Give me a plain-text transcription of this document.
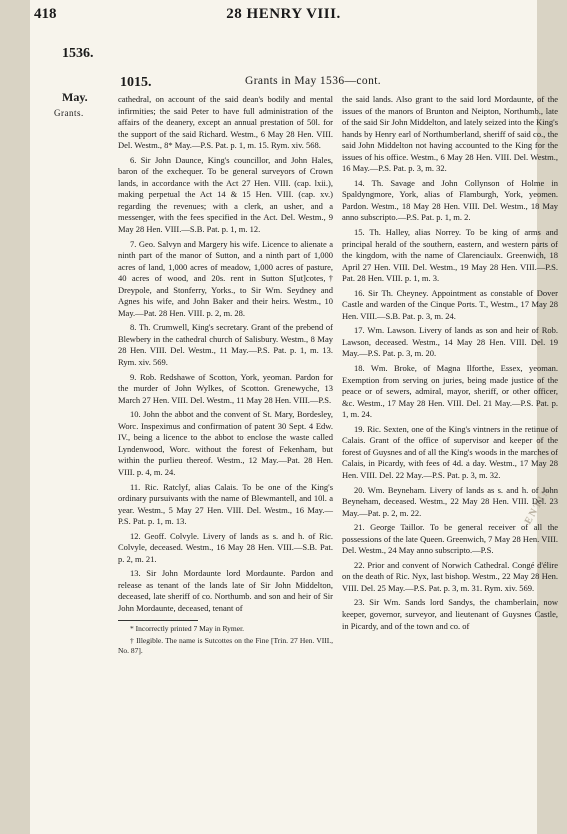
ENTIN
418	28 HENRY VIII.
1536.
1015.	Grants in May 1536—cont.
May.
Grants.

cathedral, on account of the said dean's bodily and mental infirmities; the said Peter to have full administration of the affairs of the deanery, except an annual prestation of 50l. for the support of the said Richard. Westm., 6 May 28 Hen. VIII. Del. Westm., 8* May.—P.S. Pat. p. 1, m. 15. Rym. xiv. 568.

6. Sir John Daunce, King's councillor, and John Hales, baron of the exchequer. To be general surveyors of Crown lands, in accordance with the Act 27 Hen. VIII. (cap. lxii.), making perpetual the Act 14 & 15 Hen. VIII. (cap. xv.) regarding the revenues; with a clerk, an usher, and a messenger, with the fees specified in the Act. Del. Westm., 9 May 28 Hen. VIII.—S.B. Pat. p. 1, m. 12.

7. Geo. Salvyn and Margery his wife. Licence to alienate a ninth part of the manor of Sutton, and a ninth part of 1,000 acres of land, 1,000 acres of meadow, 1,000 acres of pasture, 40 acres of wood, and 20s. rent in Sutton S[ut]cotes,† Dreypole, and Stonferry, Yorks., to Sir Wm. Seydney and Agnes his wife, and John Baker and their heirs. Westm., 10 May.—Pat. 28 Hen. VIII. p. 2, m. 28.

8. Th. Crumwell, King's secretary. Grant of the prebend of Blewbery in the cathedral church of Salisbury. Westm., 8 May 28 Hen. VIII. Del. Westm., 11 May.—P.S. Pat. p. 1, m. 13. Rym. xiv. 569.

9. Rob. Redshawe of Scotton, York, yeoman. Pardon for the murder of John Wylkes, of Scotton. Grenewyche, 13 March 27 Hen. VIII. Del. Westm., 11 May 28 Hen. VIII.—P.S.

10. John the abbot and the convent of St. Mary, Bordesley, Worc. Inspeximus and confirmation of patent 30 Sept. 4 Edw. IV., being a licence to the abbot to enclose the waste called Lyndenwood, Worc. without the forest of Fekenham, but within the purlieu thereof. Westm., 12 May.—Pat. 28 Hen. VIII. p. 4, m. 24.

11. Ric. Ratclyf, alias Calais. To be one of the King's ordinary pursuivants with the name of Blewmantell, and 10l. a year. Westm., 5 May 27 Hen. VIII. Del. Westm., 16 May.—P.S. Pat. p. 1, m. 13.

12. Geoff. Colvyle. Livery of lands as s. and h. of Ric. Colvyle, deceased. Westm., 16 May 28 Hen. VIII.—S.B. Pat. p. 2, m. 21.

13. Sir John Mordaunte lord Mordaunte. Pardon and release as tenant of the lands late of Sir John Middelton, deceased, late sheriff of co. Northumb. and son and heir of Sir John Mordaunte, deceased, tenant of

* Incorrectly printed 7 May in Rymer.

† Illegible. The name is Sutcottes on the Fine [Trin. 27 Hen. VIII., No. 87].

the said lands. Also grant to the said lord Mordaunte, of the issues of the manors of Brunton and Neipton, Northumb., late of the said Sir John Middelton, and lately seized into the King's hands by Henry earl of Northumberland, sheriff of said co., the said John Middelton not having accounted to the King for the issues of his office. Westm., 6 May 28 Hen. VIII. Del. Westm., 16 May.—P.S. Pat. p. 3, m. 32.

14. Th. Savage and John Collynson of Holme in Spaldyngmore, York, alias of Flamburgh, York, yeomen. Pardon. Westm., 18 May 28 Hen. VIII. Del. Westm., 18 May anno subscripto.—P.S. Pat. p. 1, m. 2.

15. Th. Halley, alias Norrey. To be king of arms and principal herald of the southern, eastern, and western parts of the kingdom, with the name of Clarenciaulx. Greenwich, 18 April 27 Hen. VIII. Del. Westm., 19 May 28 Hen. VIII.—P.S. Pat. 28 Hen. VIII. p. 1, m. 3.

16. Sir Th. Cheyney. Appointment as constable of Dover Castle and warden of the Cinque Ports. T., Westm., 17 May 28 Hen. VIII.—S.B. Pat. p. 3, m. 24.

17. Wm. Lawson. Livery of lands as son and heir of Rob. Lawson, deceased. Westm., 14 May 28 Hen. VIII. Del. 19 May.—P.S. Pat. p. 3, m. 20.

18. Wm. Broke, of Magna Ilforthe, Essex, yeoman. Exemption from serving on juries, being made justice of the peace or of sewers, admiral, mayor, sheriff, or other officer, &c. Westm., 17 May 28 Hen. VIII. Del. 21 May.—P.S. Pat. p. 1, m. 24.

19. Ric. Sexten, one of the King's vintners in the retinue of Calais. Grant of the office of supervisor and keeper of the forest of Guysnes and of all the King's woods in the marches of Calais, in Picardy, with fees of 4d. a day. Westm., 17 May 28 Hen. VIII. Del. 22 May.—P.S. Pat. p. 3, m. 32.

20. Wm. Beyneham. Livery of lands as s. and h. of John Beyneham, deceased. Westm., 22 May 28 Hen. VIII. Del. 23 May.—Pat. p. 2, m. 22.

21. George Taillor. To be general receiver of all the possessions of the late Queen. Greenwich, 7 May 28 Hen. VIII. Del. Westm., 24 May anno subscripto.—P.S.

22. Prior and convent of Norwich Cathedral. Congé d'élire on the death of Ric. Nyx, last bishop. Westm., 22 May 28 Hen. VIII. Del. 25 May.—P.S. Pat. p. 3, m. 31. Rym. xiv. 569.

23. Sir Wm. Sands lord Sandys, the chamberlain, now keeper, governor, surveyor, and lieutenant of Guysnes Castle, in Picardy, and of the town and co. of
